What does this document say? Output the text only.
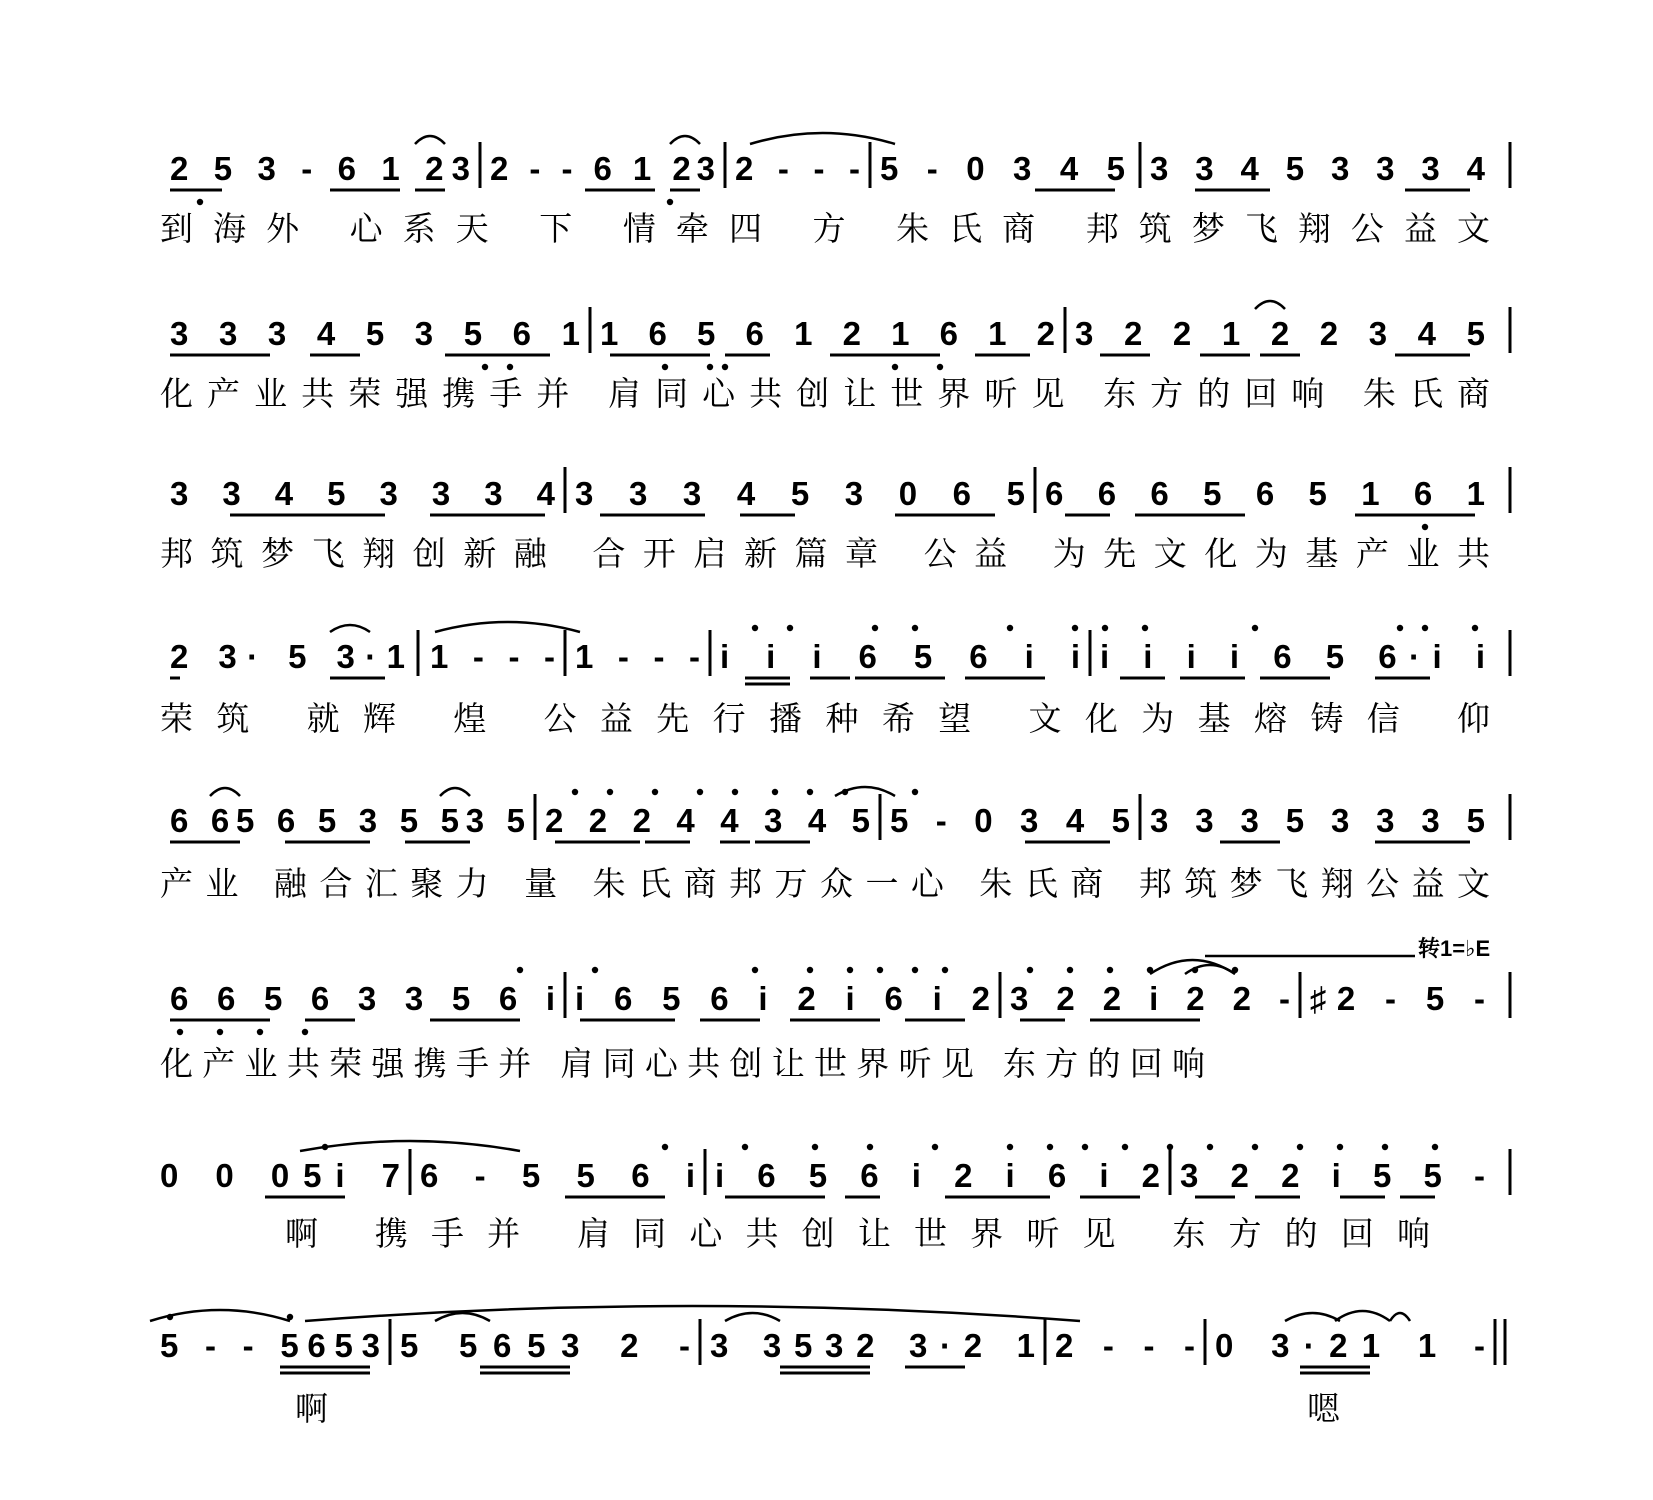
2 5 3 - 6 1 23 2 - - 6 1 23 2 - - - 5 - 0 3 4 5 3 3 4 5 3 3 3 4
3 3 3 4 5 3 5 6 1 1 6 5 6 1 2 1 6 1 2 3 2 2 1 2 2 3 4 5
3 3 4 5 3 3 3 4 3 3 3 4 5 3 0 6 5 6 6 6 5 6 5 1 6 1
2 3· 5 3·1 1 - - - 1 - - - i i i 6 5 6 i i i i i i 6 5 6·i i
6 65 6 5 3 5 53 5 2 2 2 4 4 3 4 5 5 - 0 3 4 5 3 3 3 5 3 3 3 5
6 6 5 6 3 3 5 6 i i 6 5 6 i 2 i 6 i 2 3 2 2 i 2 2 - ♯2 - 5 -
0 0 05i 7 6 - 5 5 6 i i 6 5 6 i 2 i 6 i 2 3 2 2 i 5 5 -
5 - - 5653 5 5653 2 - 3 3532 3·2 1 2 - - - 0 3·21 1 -
到海外 心系天 下 情牵四 方 朱氏商 邦筑梦飞翔公益文
化产业共荣强携手并 肩同心共创让世界听见 东方的回响 朱氏商
邦筑梦飞翔创新融 合开启新篇章 公益 为先文化为基产业共
荣筑 就辉 煌 公益先行播种希望 文化为基熔铸信 仰
产业 融合汇聚力 量 朱氏商邦万众一心 朱氏商 邦筑梦飞翔公益文
化产业共荣强携手并 肩同心共创让世界听见 东方的回响
啊 携手并 肩同心共创让世界听见 东方的回响
啊 嗯
转1=♭E
